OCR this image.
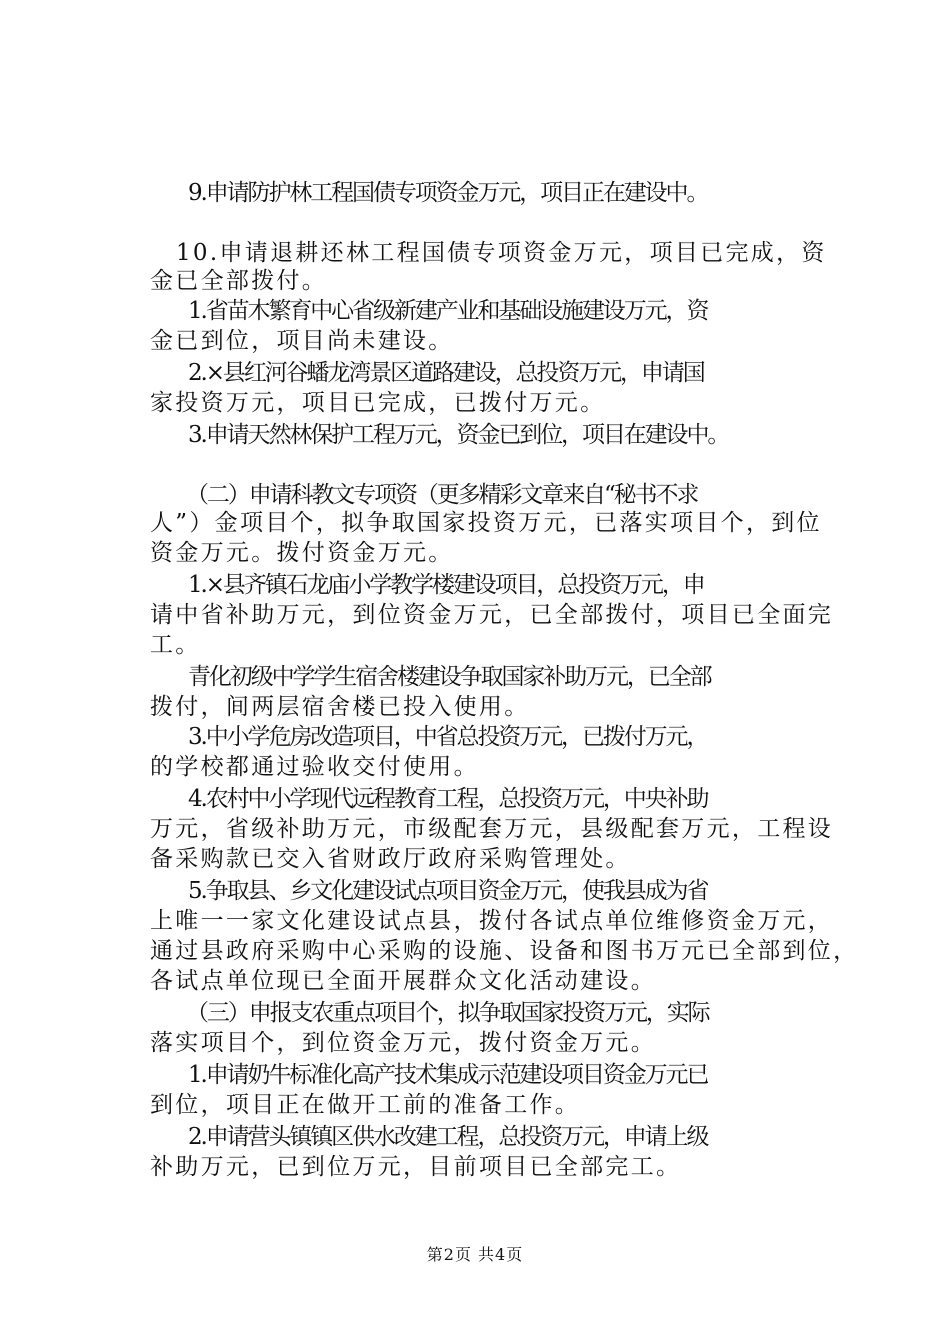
9.申请防护林工程国债专项资金万元，项目正在建设中。
10.申请退耕还林工程国债专项资金万元，项目已完成，资
金已全部拨付。
1.省苗木繁育中心省级新建产业和基础设施建设万元，资
金已到位，项目尚未建设。
2.×县红河谷蟠龙湾景区道路建设，总投资万元，申请国
家投资万元，项目已完成，已拨付万元。
3.申请天然林保护工程万元，资金已到位，项目在建设中。
（二）申请科教文专项资（更多精彩文章来自“秘书不求
人”）金项目个，拟争取国家投资万元，已落实项目个，到位
资金万元。拨付资金万元。
1.×县齐镇石龙庙小学教学楼建设项目，总投资万元，申
请中省补助万元，到位资金万元，已全部拨付，项目已全面完
工。
青化初级中学学生宿舍楼建设争取国家补助万元，已全部
拨付，间两层宿舍楼已投入使用。
3.中小学危房改造项目，中省总投资万元，已拨付万元，
的学校都通过验收交付使用。
4.农村中小学现代远程教育工程，总投资万元，中央补助
万元，省级补助万元，市级配套万元，县级配套万元，工程设
备采购款已交入省财政厅政府采购管理处。
5.争取县、乡文化建设试点项目资金万元，使我县成为省
上唯一一家文化建设试点县，拨付各试点单位维修资金万元，
通过县政府采购中心采购的设施、设备和图书万元已全部到位，
各试点单位现已全面开展群众文化活动建设。
（三）申报支农重点项目个，拟争取国家投资万元，实际
落实项目个，到位资金万元，拨付资金万元。
1.申请奶牛标准化高产技术集成示范建设项目资金万元已
到位，项目正在做开工前的准备工作。
2.申请营头镇镇区供水改建工程，总投资万元，申请上级
补助万元，已到位万元，目前项目已全部完工。
第2页 共4页
